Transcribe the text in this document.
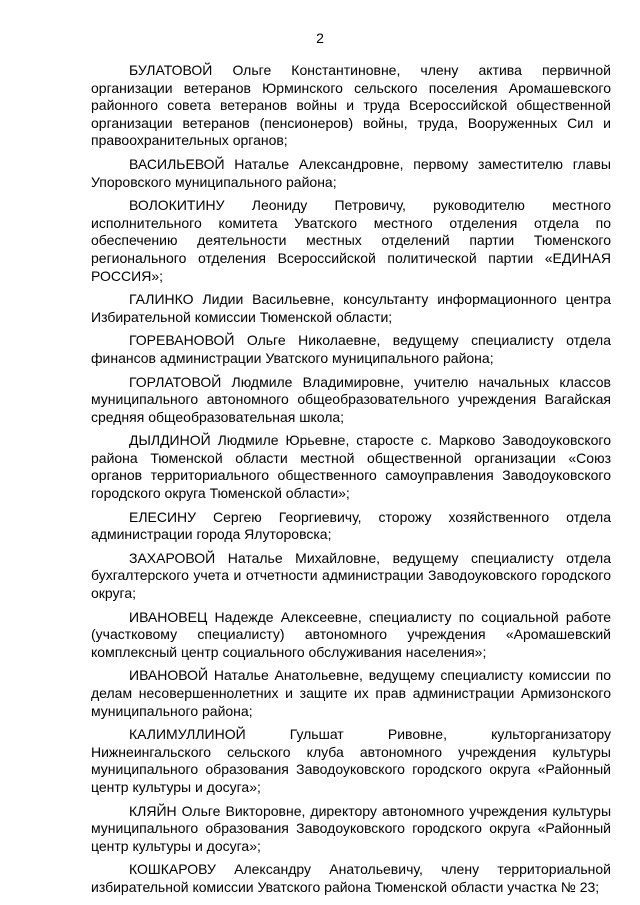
2

БУЛАТОВОЙ Ольге Константиновне, члену актива первичной организации ветеранов Юрминского сельского поселения Аромашевского районного совета ветеранов войны и труда Всероссийской общественной организации ветеранов (пенсионеров) войны, труда, Вооруженных Сил и правоохранительных органов;

ВАСИЛЬЕВОЙ Наталье Александровне, первому заместителю главы Упоровского муниципального района;

ВОЛОКИТИНУ Леониду Петровичу, руководителю местного исполнительного комитета Уватского местного отделения отдела по обеспечению деятельности местных отделений партии Тюменского регионального отделения Всероссийской политической партии «ЕДИНАЯ РОССИЯ»;

ГАЛИНКО Лидии Васильевне, консультанту информационного центра Избирательной комиссии Тюменской области;

ГОРЕВАНОВОЙ Ольге Николаевне, ведущему специалисту отдела финансов администрации Уватского муниципального района;

ГОРЛАТОВОЙ Людмиле Владимировне, учителю начальных классов муниципального автономного общеобразовательного учреждения Вагайская средняя общеобразовательная школа;

ДЫЛДИНОЙ Людмиле Юрьевне, старосте с. Марково Заводоуковского района Тюменской области местной общественной организации «Союз органов территориального общественного самоуправления Заводоуковского городского округа Тюменской области»;

ЕЛЕСИНУ Сергею Георгиевичу, сторожу хозяйственного отдела администрации города Ялуторовска;

ЗАХАРОВОЙ Наталье Михайловне, ведущему специалисту отдела бухгалтерского учета и отчетности администрации Заводоуковского городского округа;

ИВАНОВЕЦ Надежде Алексеевне, специалисту по социальной работе (участковому специалисту) автономного учреждения «Аромашевский комплексный центр социального обслуживания населения»;

ИВАНОВОЙ Наталье Анатольевне, ведущему специалисту комиссии по делам несовершеннолетних и защите их прав администрации Армизонского муниципального района;

КАЛИМУЛЛИНОЙ Гульшат Ривовне, культорганизатору Нижнеингальского сельского клуба автономного учреждения культуры муниципального образования Заводоуковского городского округа «Районный центр культуры и досуга»;

КЛЯЙН Ольге Викторовне, директору автономного учреждения культуры муниципального образования Заводоуковского городского округа «Районный центр культуры и досуга»;

КОШКАРОВУ Александру Анатольевичу, члену территориальной избирательной комиссии Уватского района Тюменской области участка № 23;
